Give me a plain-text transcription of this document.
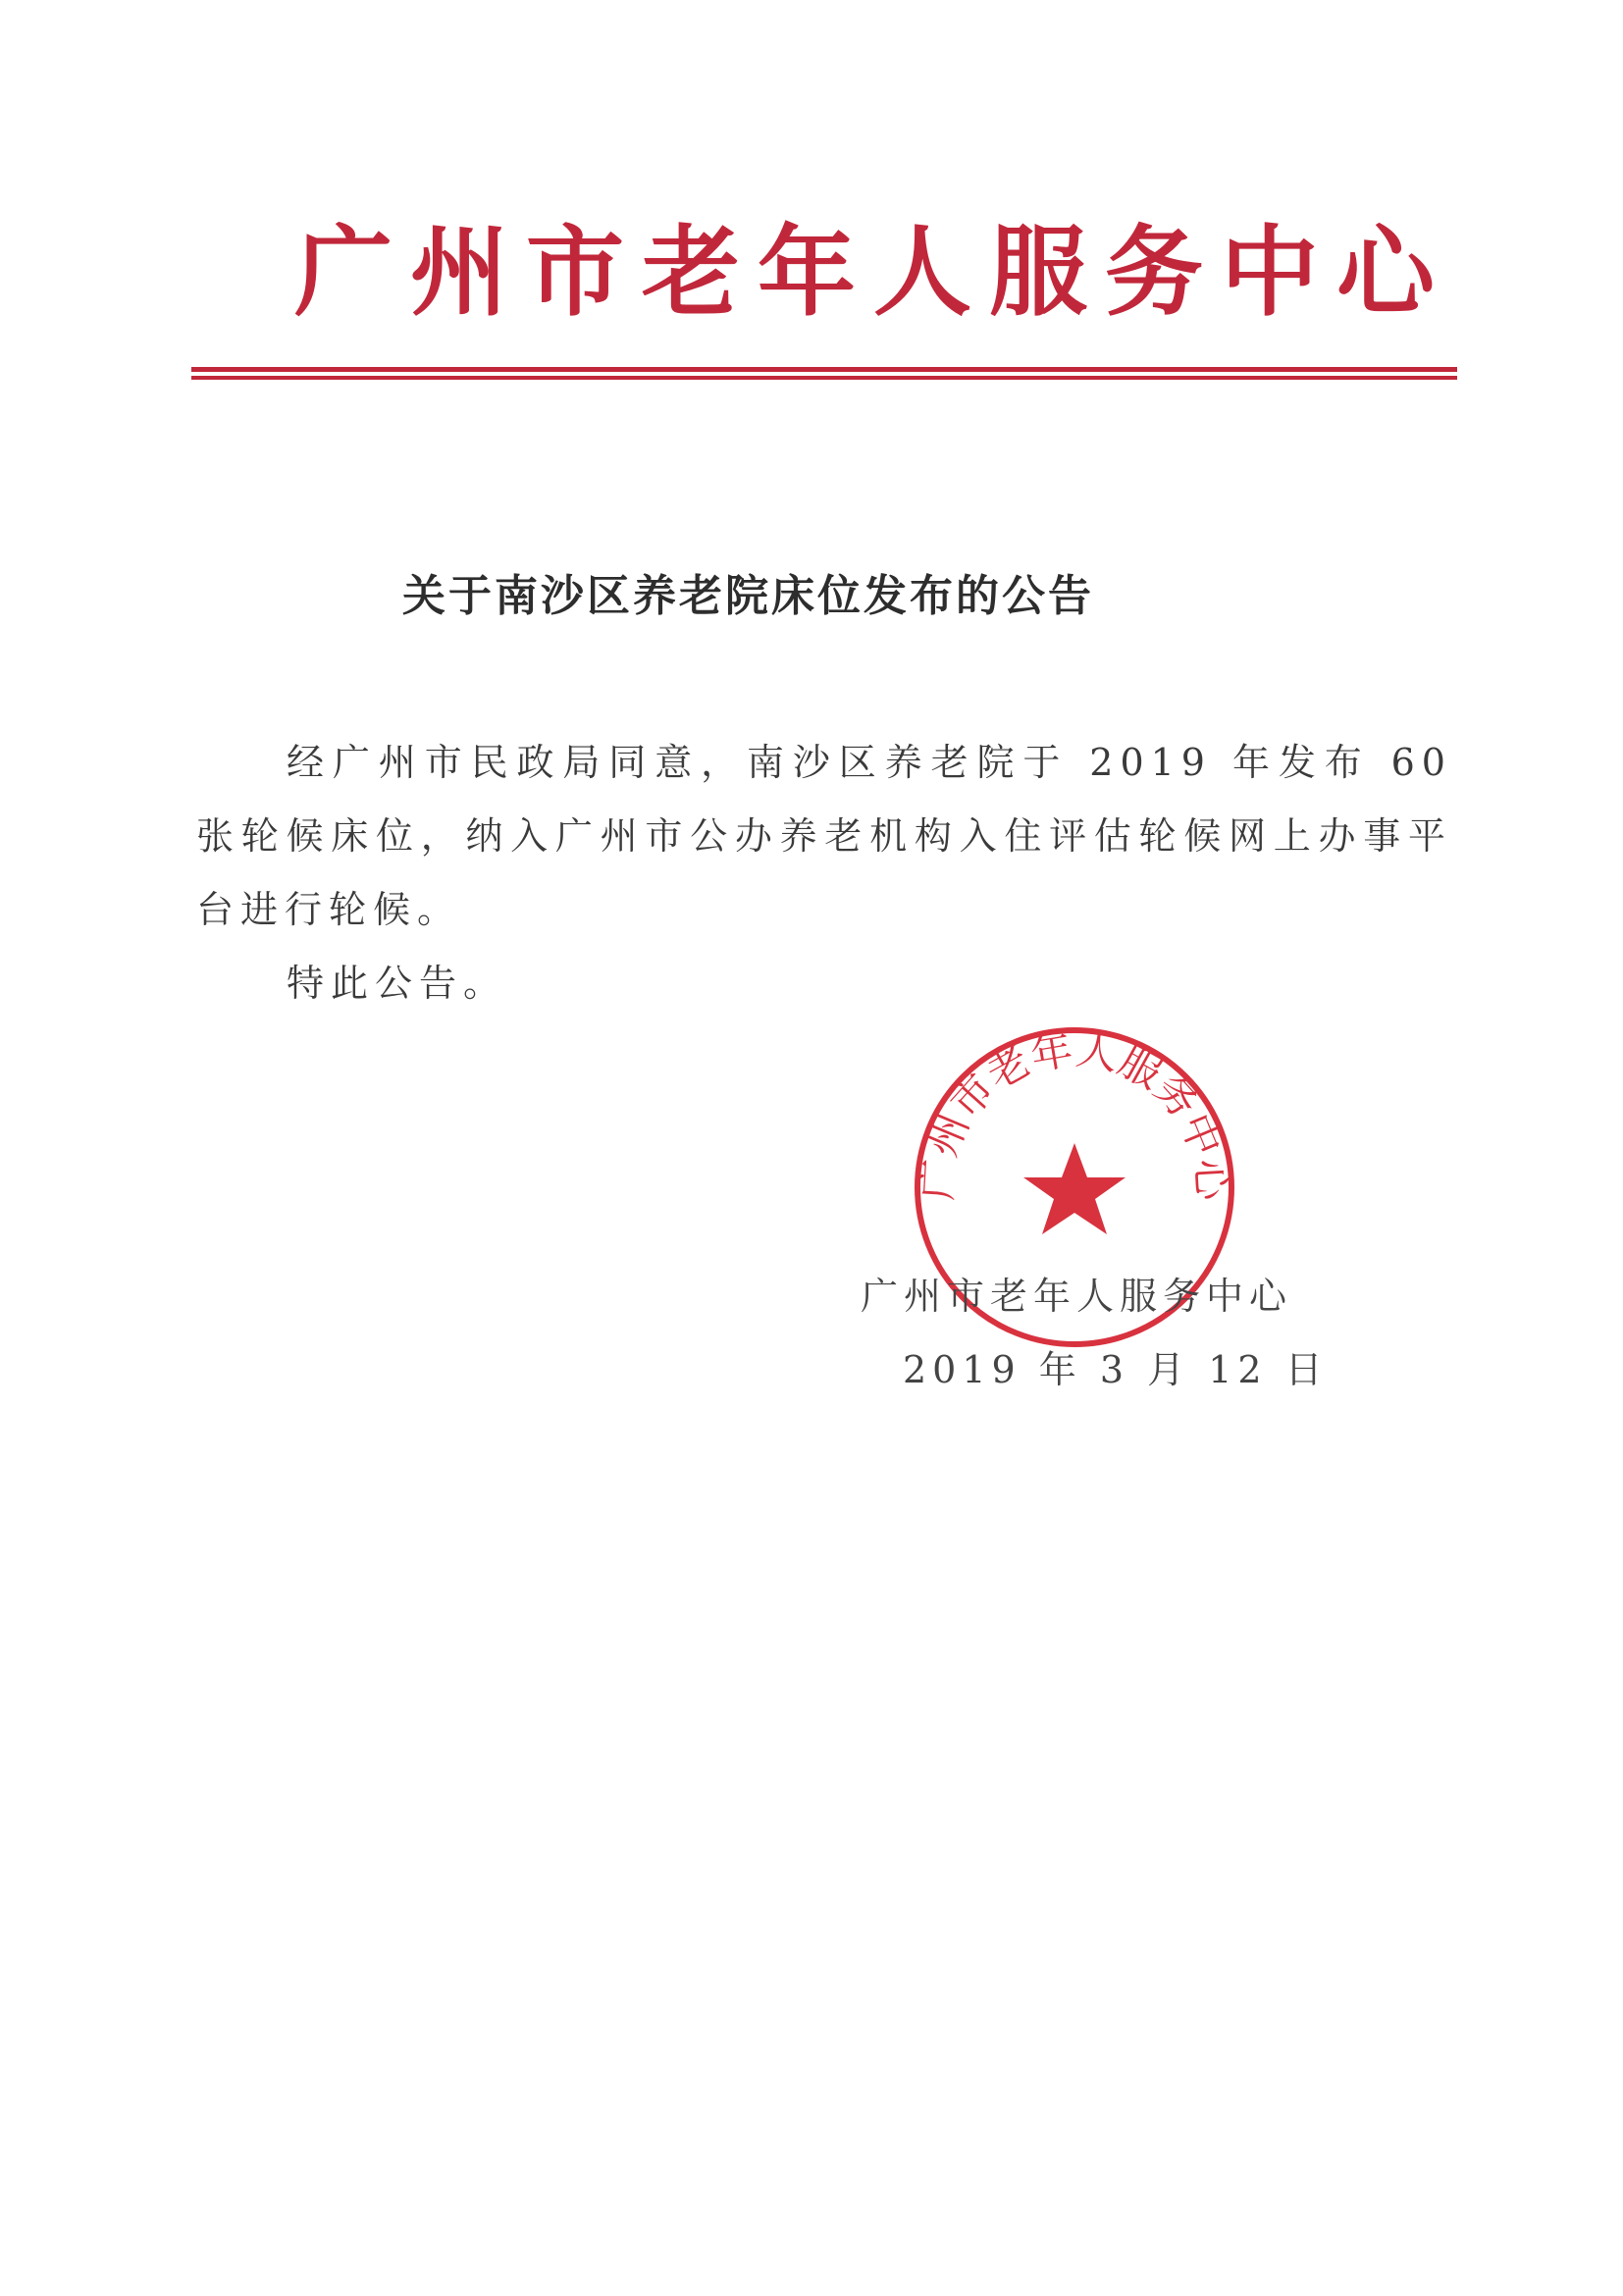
广州市老年人服务中心
关于南沙区养老院床位发布的公告

经广州市民政局同意，南沙区养老院于 2019 年发布 60 张轮候床位，纳入广州市公办养老机构入住评估轮候网上办事平台进行轮候。

特此公告。

广州市老年人服务中心
广州市老年人服务中心
2019 年 3 月 12 日
